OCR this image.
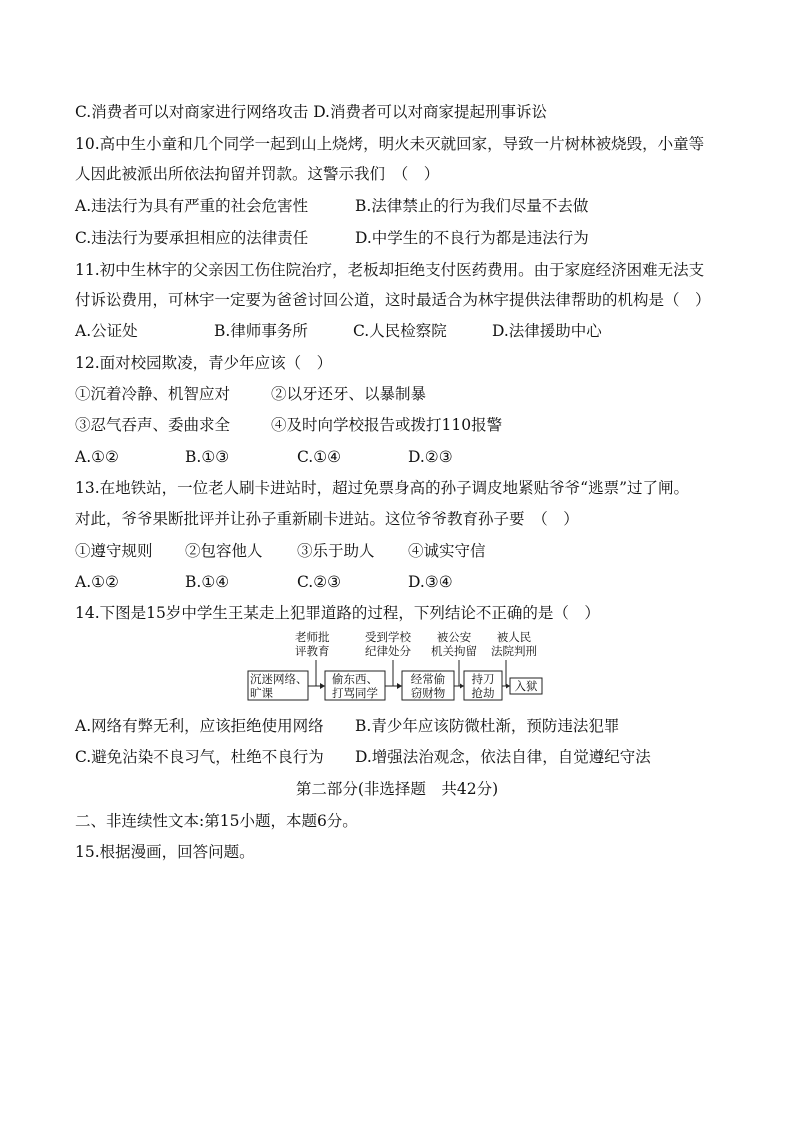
C.消费者可以对商家进行网络攻击 D.消费者可以对商家提起刑事诉讼
10.高中生小童和几个同学一起到山上烧烤，明火未灭就回家，导致一片树林被烧毁，小童等
人因此被派出所依法拘留并罚款。这警示我们　（　）
A.违法行为具有严重的社会危害性	B.法律禁止的行为我们尽量不去做
C.违法行为要承担相应的法律责任	D.中学生的不良行为都是违法行为
11.初中生林宇的父亲因工伤住院治疗，老板却拒绝支付医药费用。由于家庭经济困难无法支
付诉讼费用，可林宇一定要为爸爸讨回公道，这时最适合为林宇提供法律帮助的机构是（　）
A.公证处	B.律师事务所	C.人民检察院	D.法律援助中心
12.面对校园欺凌，青少年应该（　）
①沉着冷静、机智应对	②以牙还牙、以暴制暴
③忍气吞声、委曲求全	④及时向学校报告或拨打110报警
A.①②	B.①③	C.①④	D.②③
13.在地铁站，一位老人刷卡进站时，超过免票身高的孙子调皮地紧贴爷爷“逃票”过了闸。
对此，爷爷果断批评并让孙子重新刷卡进站。这位爷爷教育孙子要　（　）
①遵守规则 ②包容他人 ③乐于助人 ④诚实守信
A.①②	B.①④	C.②③	D.③④
14.下图是15岁中学生王某走上犯罪道路的过程，下列结论不正确的是（　）
老师批
评教育
受到学校
纪律处分
被公安
机关拘留
被人民
法院判刑
沉迷网络、
旷课
偷东西、
打骂同学
经常偷
窃财物
持刀
抢劫	入狱
A.网络有弊无利，应该拒绝使用网络 B.青少年应该防微杜渐，预防违法犯罪
C.避免沾染不良习气，杜绝不良行为 D.增强法治观念，依法自律，自觉遵纪守法
第二部分(非选择题　共42分)
二、非连续性文本:第15小题，本题6分。
15.根据漫画，回答问题。
